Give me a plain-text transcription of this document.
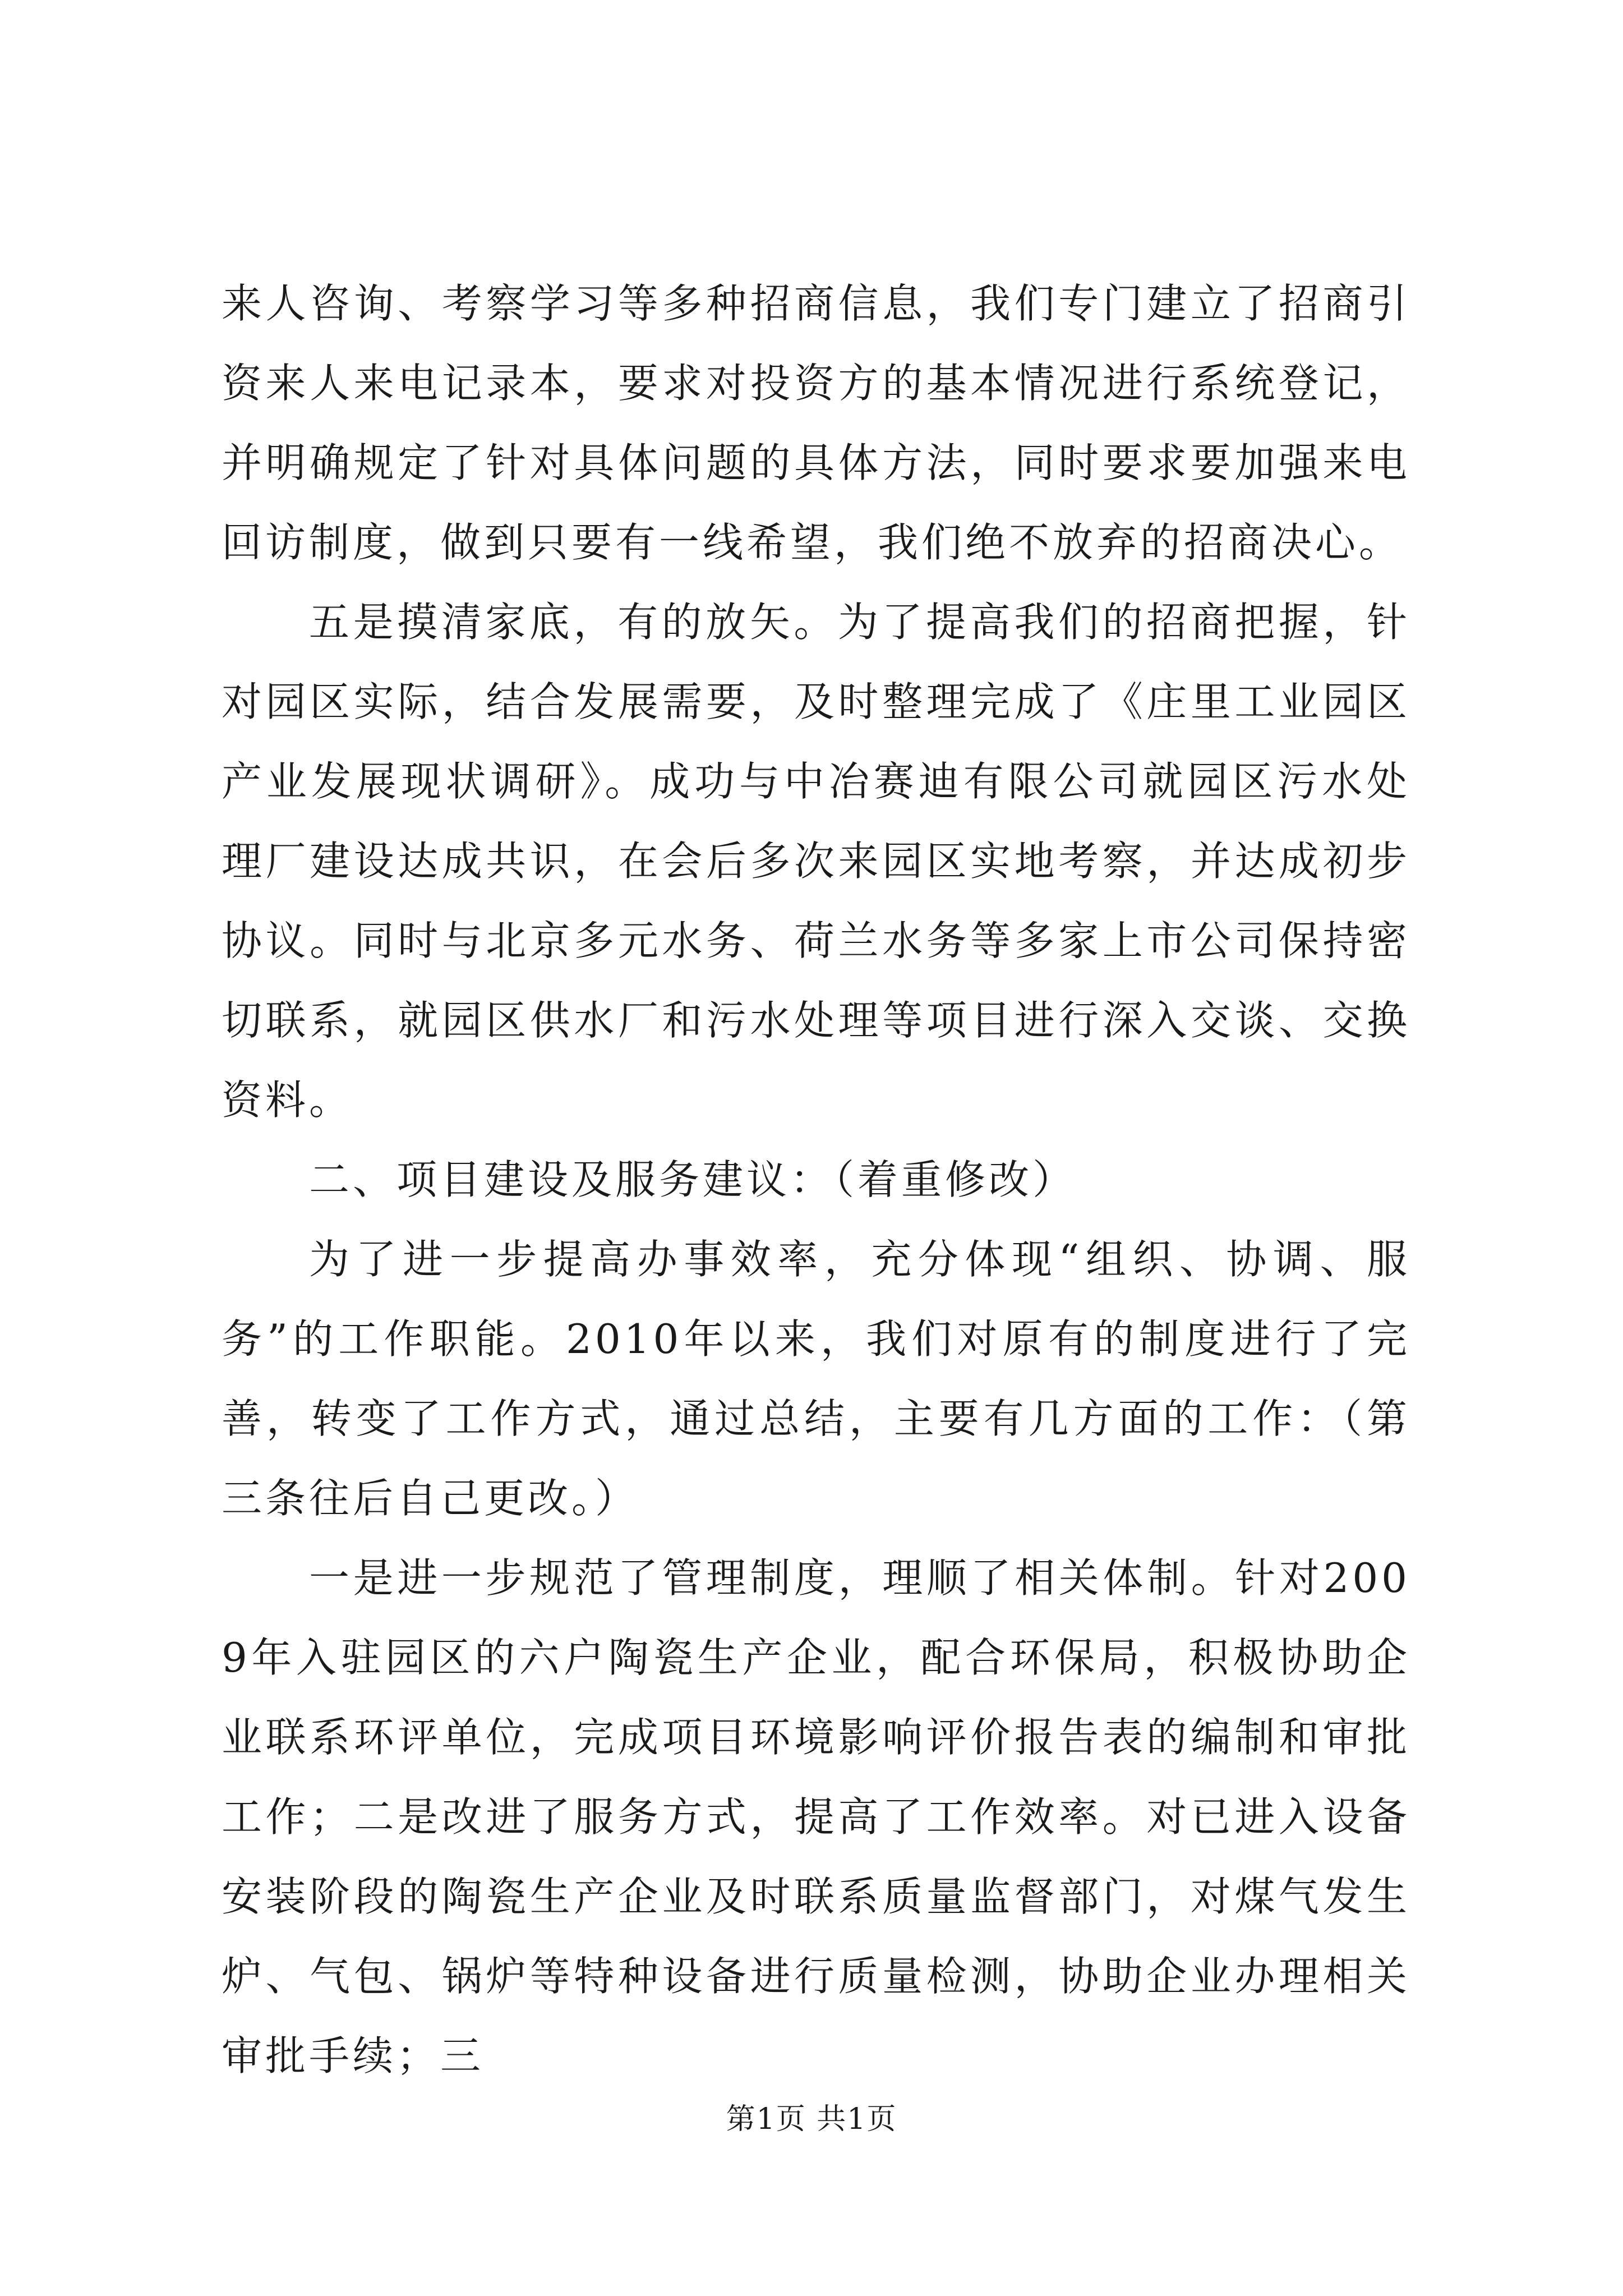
来人咨询、考察学习等多种招商信息，我们专门建立了招商引资来人来电记录本，要求对投资方的基本情况进行系统登记，并明确规定了针对具体问题的具体方法，同时要求要加强来电回访制度，做到只要有一线希望，我们绝不放弃的招商决心。

五是摸清家底，有的放矢。为了提高我们的招商把握，针对园区实际，结合发展需要，及时整理完成了《庄里工业园区产业发展现状调研》。成功与中冶赛迪有限公司就园区污水处理厂建设达成共识，在会后多次来园区实地考察，并达成初步协议。同时与北京多元水务、荷兰水务等多家上市公司保持密切联系，就园区供水厂和污水处理等项目进行深入交谈、交换资料。

二、项目建设及服务建议：（着重修改）

为了进一步提高办事效率，充分体现“组织、协调、服务”的工作职能。2010年以来，我们对原有的制度进行了完善，转变了工作方式，通过总结，主要有几方面的工作：（第三条往后自己更改。）

一是进一步规范了管理制度，理顺了相关体制。针对2009年入驻园区的六户陶瓷生产企业，配合环保局，积极协助企业联系环评单位，完成项目环境影响评价报告表的编制和审批工作；二是改进了服务方式，提高了工作效率。对已进入设备安装阶段的陶瓷生产企业及时联系质量监督部门，对煤气发生炉、气包、锅炉等特种设备进行质量检测，协助企业办理相关审批手续；三

第1页 共1页
